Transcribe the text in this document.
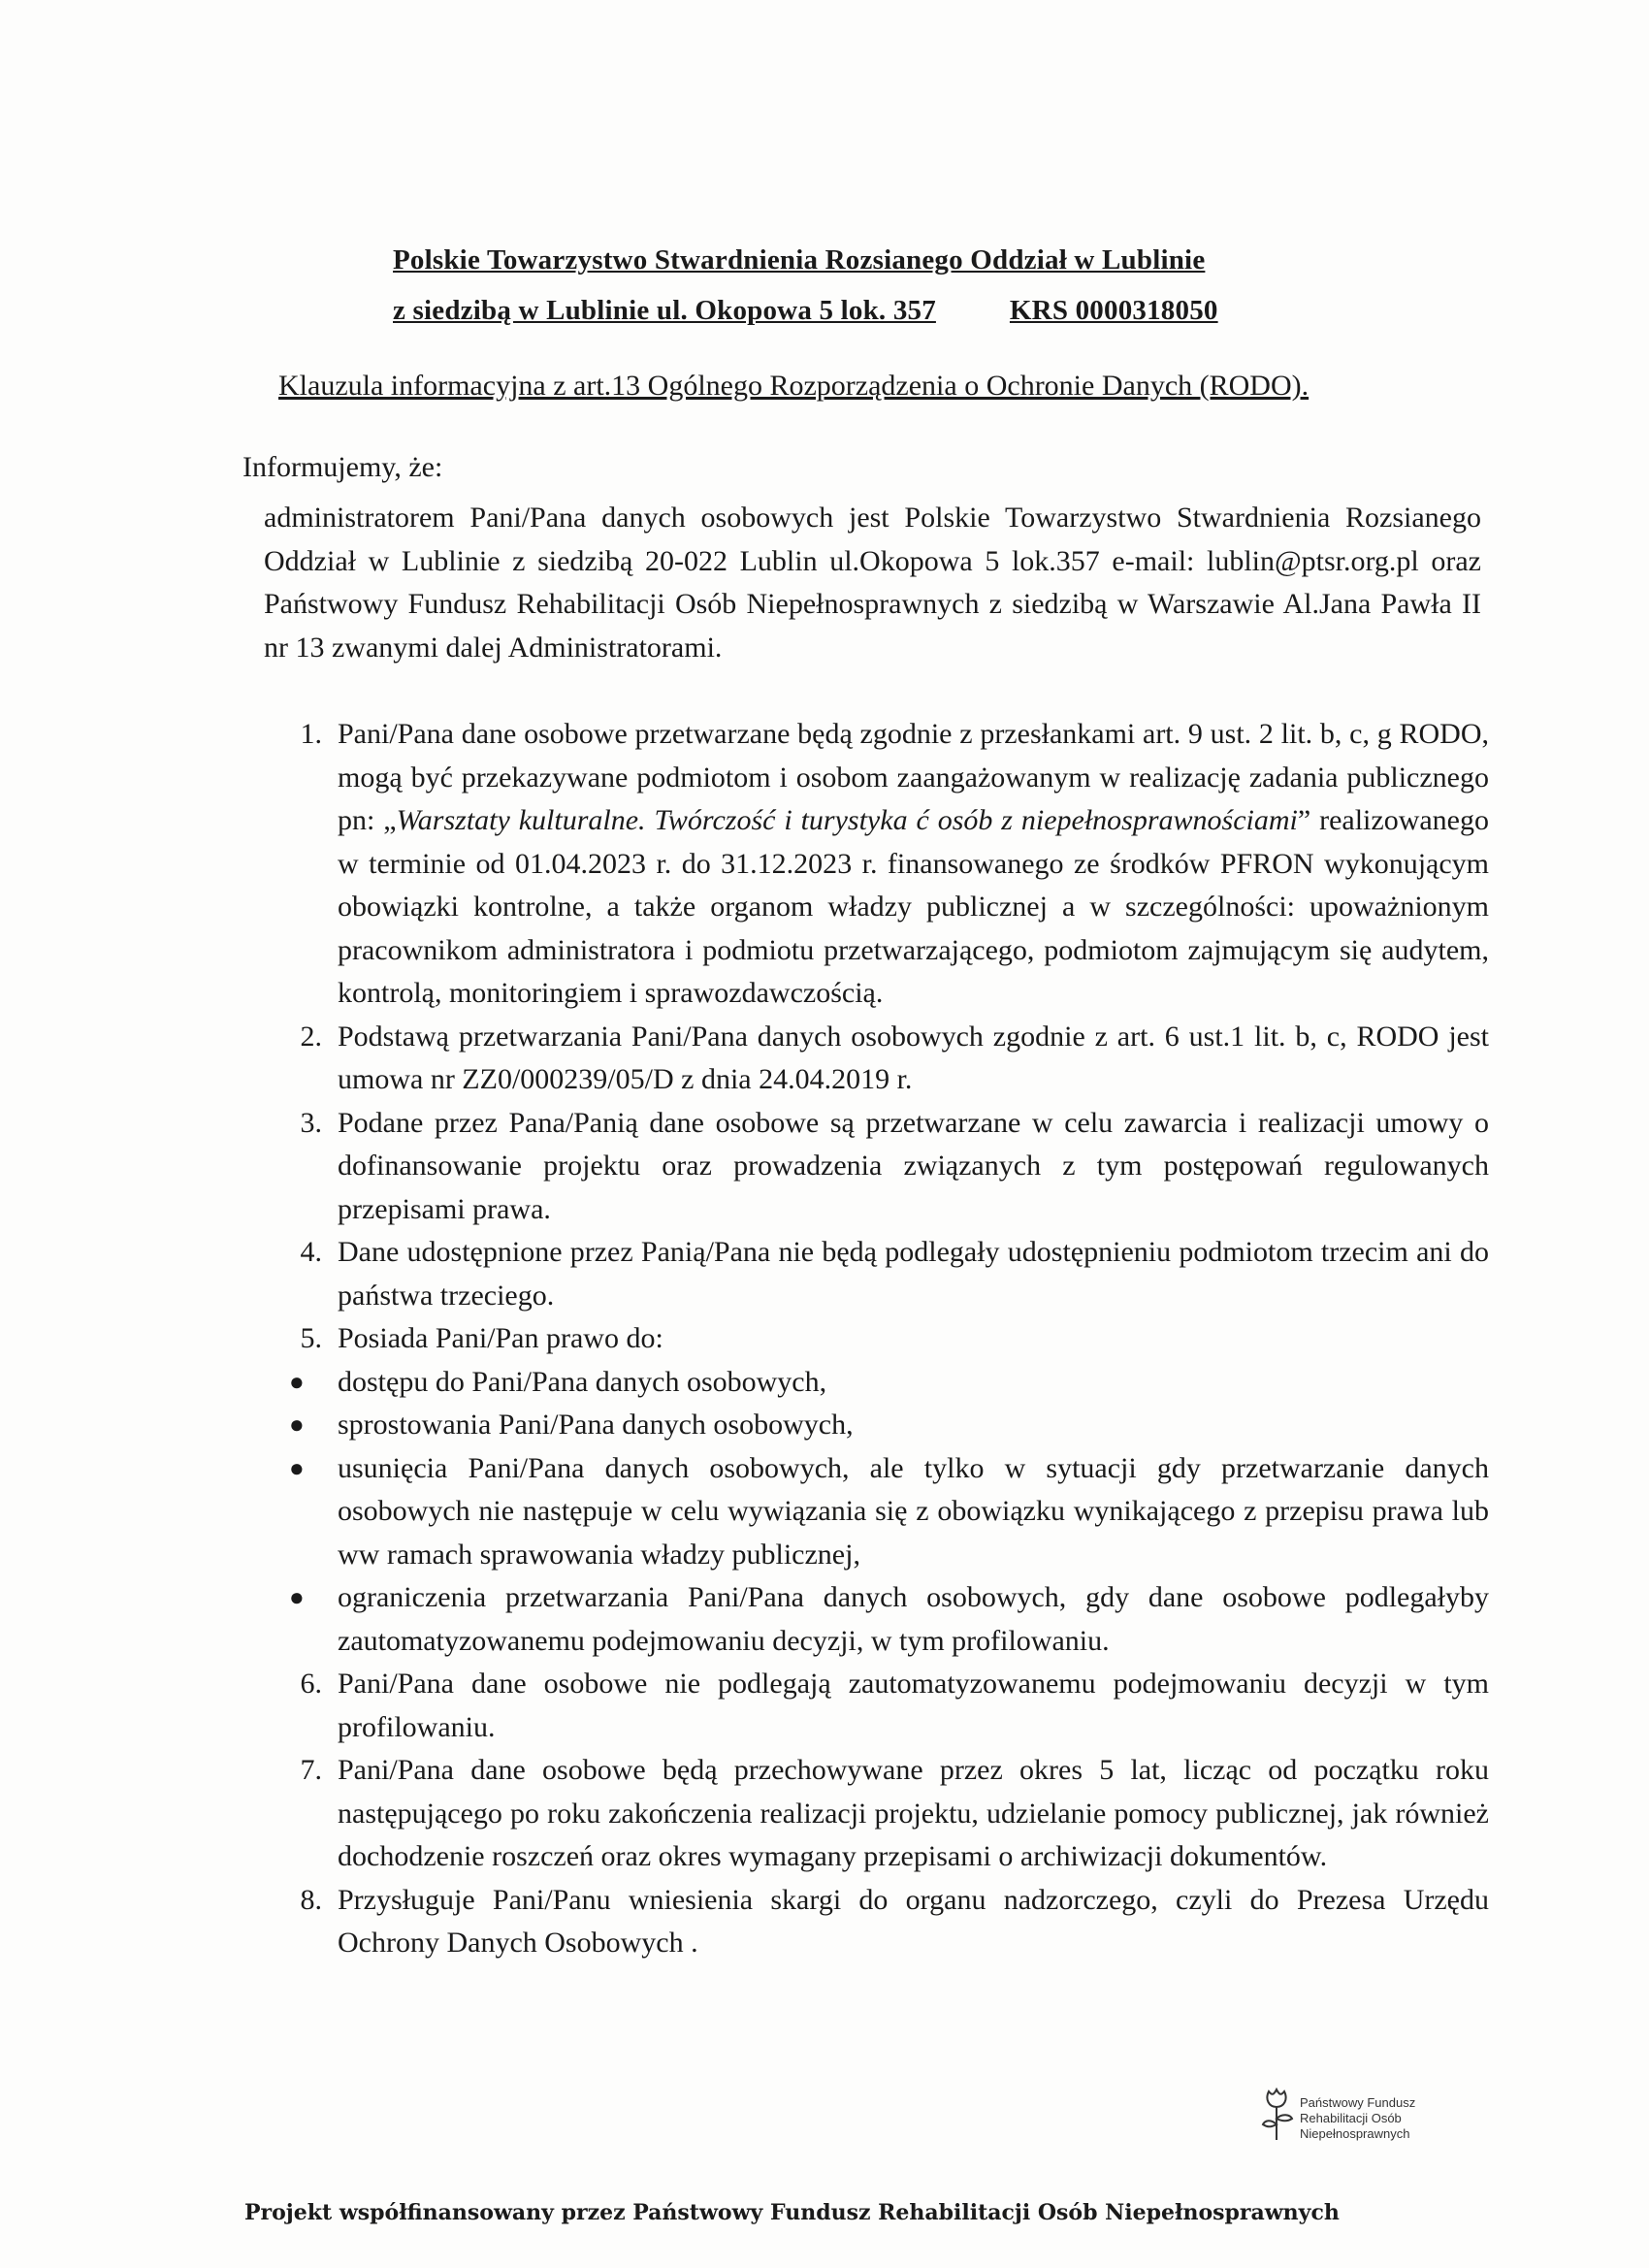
Polskie Towarzystwo Stwardnienia Rozsianego Oddział w Lublinie
z siedzibą w Lublinie ul. Okopowa 5 lok. 357	KRS 0000318050
Klauzula informacyjna z art.13 Ogólnego Rozporządzenia o Ochronie Danych (RODO).
Informujemy, że:
administratorem Pani/Pana danych osobowych jest Polskie Towarzystwo Stwardnienia Rozsianego Oddział w Lublinie z siedzibą 20-022 Lublin ul.Okopowa 5 lok.357 e-mail: lublin@ptsr.org.pl oraz Państwowy Fundusz Rehabilitacji Osób Niepełnosprawnych z siedzibą w Warszawie Al.Jana Pawła II nr 13 zwanymi dalej Administratorami.
1. Pani/Pana dane osobowe przetwarzane będą zgodnie z przesłankami art. 9 ust. 2 lit. b, c, g RODO, mogą być przekazywane podmiotom i osobom zaangażowanym w realizację zadania publicznego pn: „Warsztaty kulturalne. Twórczość i turystyka ć osób z niepełnosprawnościami” realizowanego w terminie od 01.04.2023 r. do 31.12.2023 r. finansowanego ze środków PFRON wykonującym obowiązki kontrolne, a także organom władzy publicznej a w szczególności: upoważnionym pracownikom administratora i podmiotu przetwarzającego, podmiotom zajmującym się audytem, kontrolą, monitoringiem i sprawozdawczością.
2. Podstawą przetwarzania Pani/Pana danych osobowych zgodnie z art. 6 ust.1 lit. b, c, RODO jest umowa nr ZZ0/000239/05/D z dnia 24.04.2019 r.
3. Podane przez Pana/Panią dane osobowe są przetwarzane w celu zawarcia i realizacji umowy o dofinansowanie projektu oraz prowadzenia związanych z tym postępowań regulowanych przepisami prawa.
4. Dane udostępnione przez Panią/Pana nie będą podlegały udostępnieniu podmiotom trzecim ani do państwa trzeciego.
5. Posiada Pani/Pan prawo do:
● dostępu do Pani/Pana danych osobowych,
● sprostowania Pani/Pana danych osobowych,
● usunięcia Pani/Pana danych osobowych, ale tylko w sytuacji gdy przetwarzanie danych osobowych nie następuje w celu wywiązania się z obowiązku wynikającego z przepisu prawa lub ww ramach sprawowania władzy publicznej,
● ograniczenia przetwarzania Pani/Pana danych osobowych, gdy dane osobowe podlegałyby zautomatyzowanemu podejmowaniu decyzji, w tym profilowaniu.
6. Pani/Pana dane osobowe nie podlegają zautomatyzowanemu podejmowaniu decyzji w tym profilowaniu.
7. Pani/Pana dane osobowe będą przechowywane przez okres 5 lat, licząc od początku roku następującego po roku zakończenia realizacji projektu, udzielanie pomocy publicznej, jak również dochodzenie roszczeń oraz okres wymagany przepisami o archiwizacji dokumentów.
8. Przysługuje Pani/Panu wniesienia skargi do organu nadzorczego, czyli do Prezesa Urzędu Ochrony Danych Osobowych .
Państwowy Fundusz
Rehabilitacji Osób
Niepełnosprawnych
Projekt współfinansowany przez Państwowy Fundusz Rehabilitacji Osób Niepełnosprawnych
